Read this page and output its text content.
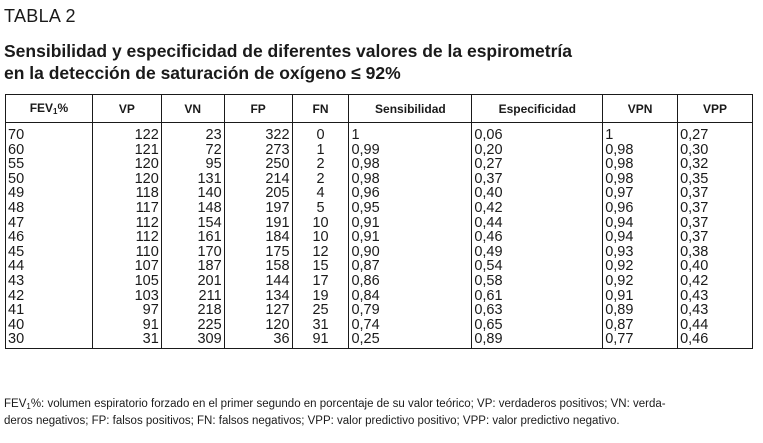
TABLA 2
Sensibilidad y especificidad de diferentes valores de la espirometría
en la detección de saturación de oxígeno ≤ 92%
$FEV_1\%$	VP	VN	FP	FN	Sensibilidad	Especificidad	VPN	VPP
70	122	23	322	0	1	0,06	1	0,27
60	121	72	273	1	0,99	0,20	0,98	0,30
55	120	95	250	2	0,98	0,27	0,98	0,32
50	120	131	214	2	0,98	0,37	0,98	0,35
49	118	140	205	4	0,96	0,40	0,97	0,37
48	117	148	197	5	0,95	0,42	0,96	0,37
47	112	154	191	10	0,91	0,44	0,94	0,37
46	112	161	184	10	0,91	0,46	0,94	0,37
45	110	170	175	12	0,90	0,49	0,93	0,38
44	107	187	158	15	0,87	0,54	0,92	0,40
43	105	201	144	17	0,86	0,58	0,92	0,42
42	103	211	134	19	0,84	0,61	0,91	0,43
41	97	218	127	25	0,79	0,63	0,89	0,43
40	91	225	120	31	0,74	0,65	0,87	0,44
30	31	309	36	91	0,25	0,89	0,77	0,46
$FEV_1\%$: volumen espiratorio forzado en el primer segundo en porcentaje de su valor teórico; VP: verdaderos positivos; VN: verda-
deros negativos; FP: falsos positivos; FN: falsos negativos; VPP: valor predictivo positivo; VPP: valor predictivo negativo.
